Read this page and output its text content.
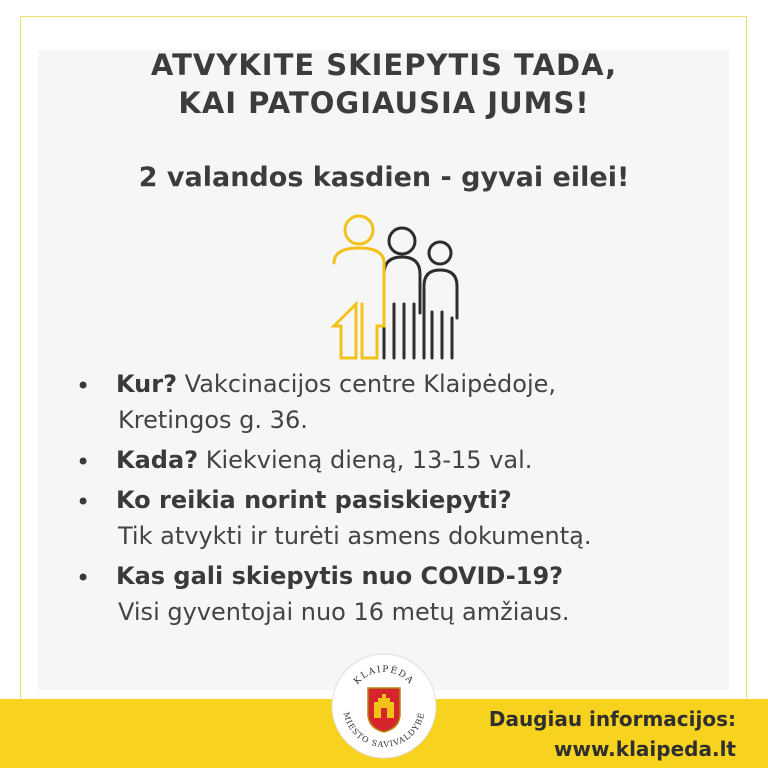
ATVYKITE SKIEPYTIS TADA,
KAI PATOGIAUSIA JUMS!
2 valandos kasdien - gyvai eilei!
• Kur? Vakcinacijos centre Klaipėdoje,
Kretingos g. 36.
• Kada? Kiekvieną dieną, 13-15 val.
• Ko reikia norint pasiskiepyti?
Tik atvykti ir turėti asmens dokumentą.
• Kas gali skiepytis nuo COVID-19?
Visi gyventojai nuo 16 metų amžiaus.
KLAIPĖDA
MIESTO SAVIVALDYBĖ	Daugiau informacijos:
www.klaipeda.lt
